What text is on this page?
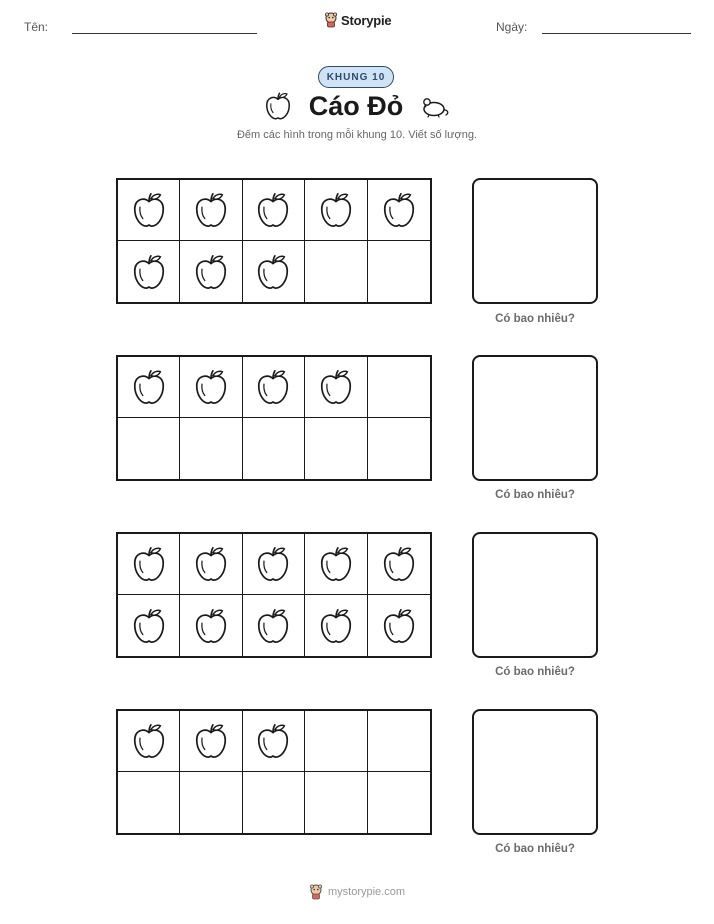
Tên:	Storypie	Ngày:
KHUNG 10
Cáo Đỏ
Đếm các hình trong mỗi khung 10. Viết số lượng.
Có bao nhiêu?
Có bao nhiêu?
Có bao nhiêu?
Có bao nhiêu?
mystorypie.com
